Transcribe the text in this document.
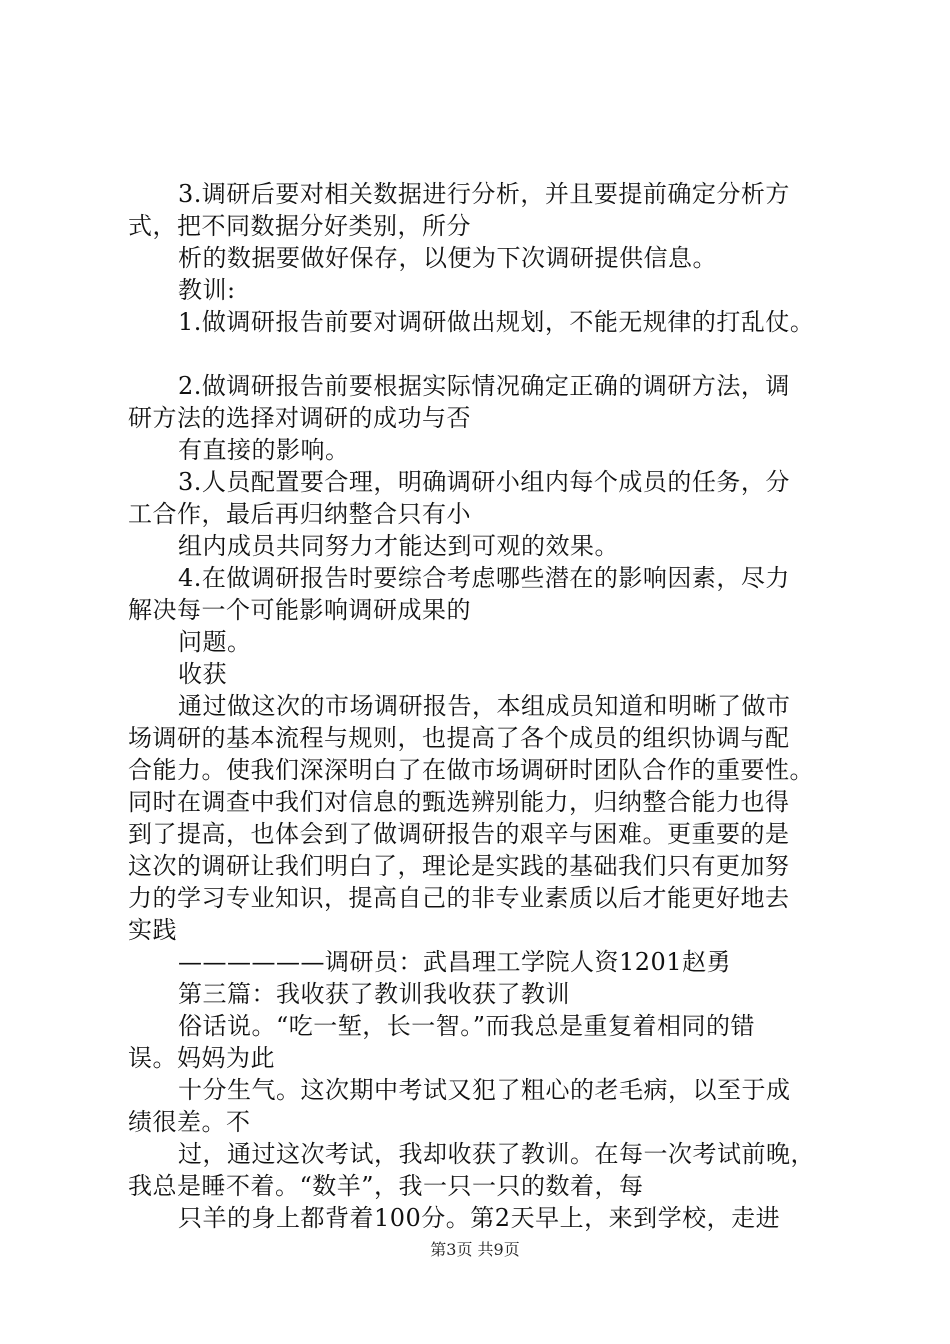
3.调研后要对相关数据进行分析，并且要提前确定分析方
式，把不同数据分好类别，所分
析的数据要做好保存，以便为下次调研提供信息。
教训:
1.做调研报告前要对调研做出规划，不能无规律的打乱仗。
2.做调研报告前要根据实际情况确定正确的调研方法，调
研方法的选择对调研的成功与否
有直接的影响。
3.人员配置要合理，明确调研小组内每个成员的任务，分
工合作，最后再归纳整合只有小
组内成员共同努力才能达到可观的效果。
4.在做调研报告时要综合考虑哪些潜在的影响因素，尽力
解决每一个可能影响调研成果的
问题。
收获
通过做这次的市场调研报告，本组成员知道和明晰了做市
场调研的基本流程与规则，也提高了各个成员的组织协调与配
合能力。使我们深深明白了在做市场调研时团队合作的重要性。
同时在调查中我们对信息的甄选辨别能力，归纳整合能力也得
到了提高，也体会到了做调研报告的艰辛与困难。更重要的是
这次的调研让我们明白了，理论是实践的基础我们只有更加努
力的学习专业知识，提高自己的非专业素质以后才能更好地去
实践
——————调研员：武昌理工学院人资1201赵勇
第三篇：我收获了教训我收获了教训
俗话说。“吃一堑，长一智。”而我总是重复着相同的错
误。妈妈为此
十分生气。这次期中考试又犯了粗心的老毛病，以至于成
绩很差。不
过，通过这次考试，我却收获了教训。在每一次考试前晚，
我总是睡不着。“数羊”，我一只一只的数着，每
只羊的身上都背着100分。第2天早上，来到学校，走进
第3页 共9页
